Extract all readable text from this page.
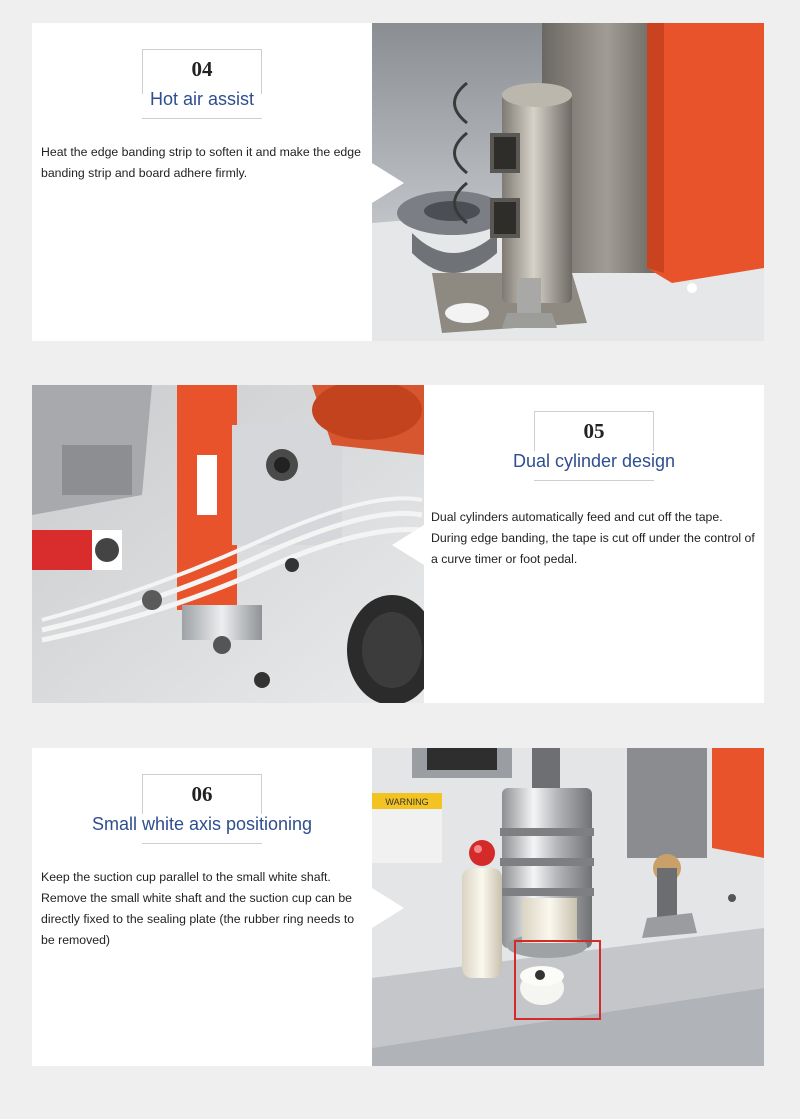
04
Hot air assist

Heat the edge banding strip to soften it and make the edge banding strip and board adhere firmly.

05
Dual cylinder design

Dual cylinders automatically feed and cut off the tape. During edge banding, the tape is cut off under the control of a curve timer or foot pedal.

06
Small white axis positioning

Keep the suction cup parallel to the small white shaft. Remove the small white shaft and the suction cup can be directly fixed to the sealing plate (the rubber ring needs to be removed)

WARNING
